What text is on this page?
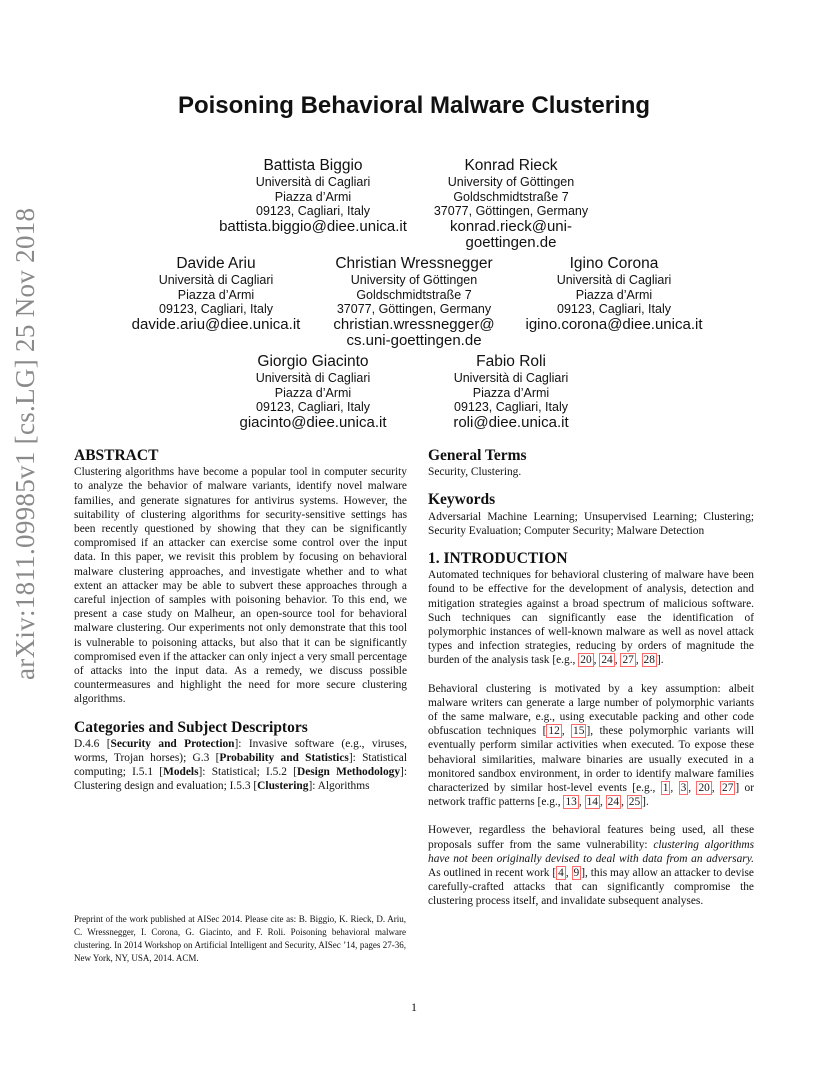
arXiv:1811.09985v1 [cs.LG] 25 Nov 2018
Poisoning Behavioral Malware Clustering
Battista Biggio
Università di Cagliari
Piazza d’Armi
09123, Cagliari, Italy
battista.biggio@diee.unica.it
Konrad Rieck
University of Göttingen
Goldschmidtstraße 7
37077, Göttingen, Germany
konrad.rieck@uni-
goettingen.de
Davide Ariu
Università di Cagliari
Piazza d’Armi
09123, Cagliari, Italy
davide.ariu@diee.unica.it
Christian Wressnegger
University of Göttingen
Goldschmidtstraße 7
37077, Göttingen, Germany
christian.wressnegger@
cs.uni-goettingen.de
Igino Corona
Università di Cagliari
Piazza d’Armi
09123, Cagliari, Italy
igino.corona@diee.unica.it
Giorgio Giacinto
Università di Cagliari
Piazza d’Armi
09123, Cagliari, Italy
giacinto@diee.unica.it
Fabio Roli
Università di Cagliari
Piazza d’Armi
09123, Cagliari, Italy
roli@diee.unica.it
ABSTRACT

Clustering algorithms have become a popular tool in computer security to analyze the behavior of malware variants, identify novel malware families, and generate signatures for antivirus systems. However, the suitability of clustering algorithms for security-sensitive settings has been recently questioned by showing that they can be significantly compromised if an attacker can exercise some control over the input data. In this paper, we revisit this problem by focusing on behavioral malware clustering approaches, and investigate whether and to what extent an attacker may be able to subvert these approaches through a careful injection of samples with poisoning behavior. To this end, we present a case study on Malheur, an open-source tool for behavioral malware clustering. Our experiments not only demonstrate that this tool is vulnerable to poisoning attacks, but also that it can be significantly compromised even if the attacker can only inject a very small percentage of attacks into the input data. As a remedy, we discuss possible countermeasures and highlight the need for more secure clustering algorithms.

Categories and Subject Descriptors

D.4.6 [Security and Protection]: Invasive software (e.g., viruses, worms, Trojan horses); G.3 [Probability and Statistics]: Statistical computing; I.5.1 [Models]: Statistical; I.5.2 [Design Methodology]: Clustering design and evaluation; I.5.3 [Clustering]: Algorithms

Preprint of the work published at AISec 2014. Please cite as: B. Biggio, K. Rieck, D. Ariu, C. Wressnegger, I. Corona, G. Giacinto, and F. Roli. Poisoning behavioral malware clustering. In 2014 Workshop on Artificial Intelligent and Security, AISec ’14, pages 27-36, New York, NY, USA, 2014. ACM.
General Terms

Security, Clustering.

Keywords

Adversarial Machine Learning; Unsupervised Learning; Clustering; Security Evaluation; Computer Security; Malware Detection

1. INTRODUCTION

Automated techniques for behavioral clustering of malware have been found to be effective for the development of analysis, detection and mitigation strategies against a broad spectrum of malicious software. Such techniques can significantly ease the identification of polymorphic instances of well-known malware as well as novel attack types and infection strategies, reducing by orders of magnitude the burden of the analysis task [e.g., 20 , 24 , 27 , 28 ].

Behavioral clustering is motivated by a key assumption: albeit malware writers can generate a large number of polymorphic variants of the same malware, e.g., using executable packing and other code obfuscation techniques [ 12 , 15 ], these polymorphic variants will eventually perform similar activities when executed. To expose these behavioral similarities, malware binaries are usually executed in a monitored sandbox environment, in order to identify malware families characterized by similar host-level events [e.g., 1 , 3 , 20 , 27 ] or network traffic patterns [e.g., 13 , 14 , 24 , 25 ].

However, regardless the behavioral features being used, all these proposals suffer from the same vulnerability: clustering algorithms have not been originally devised to deal with data from an adversary. As outlined in recent work [ 4 , 9 ], this may allow an attacker to devise carefully-crafted attacks that can significantly compromise the clustering process itself, and invalidate subsequent analyses.

1
